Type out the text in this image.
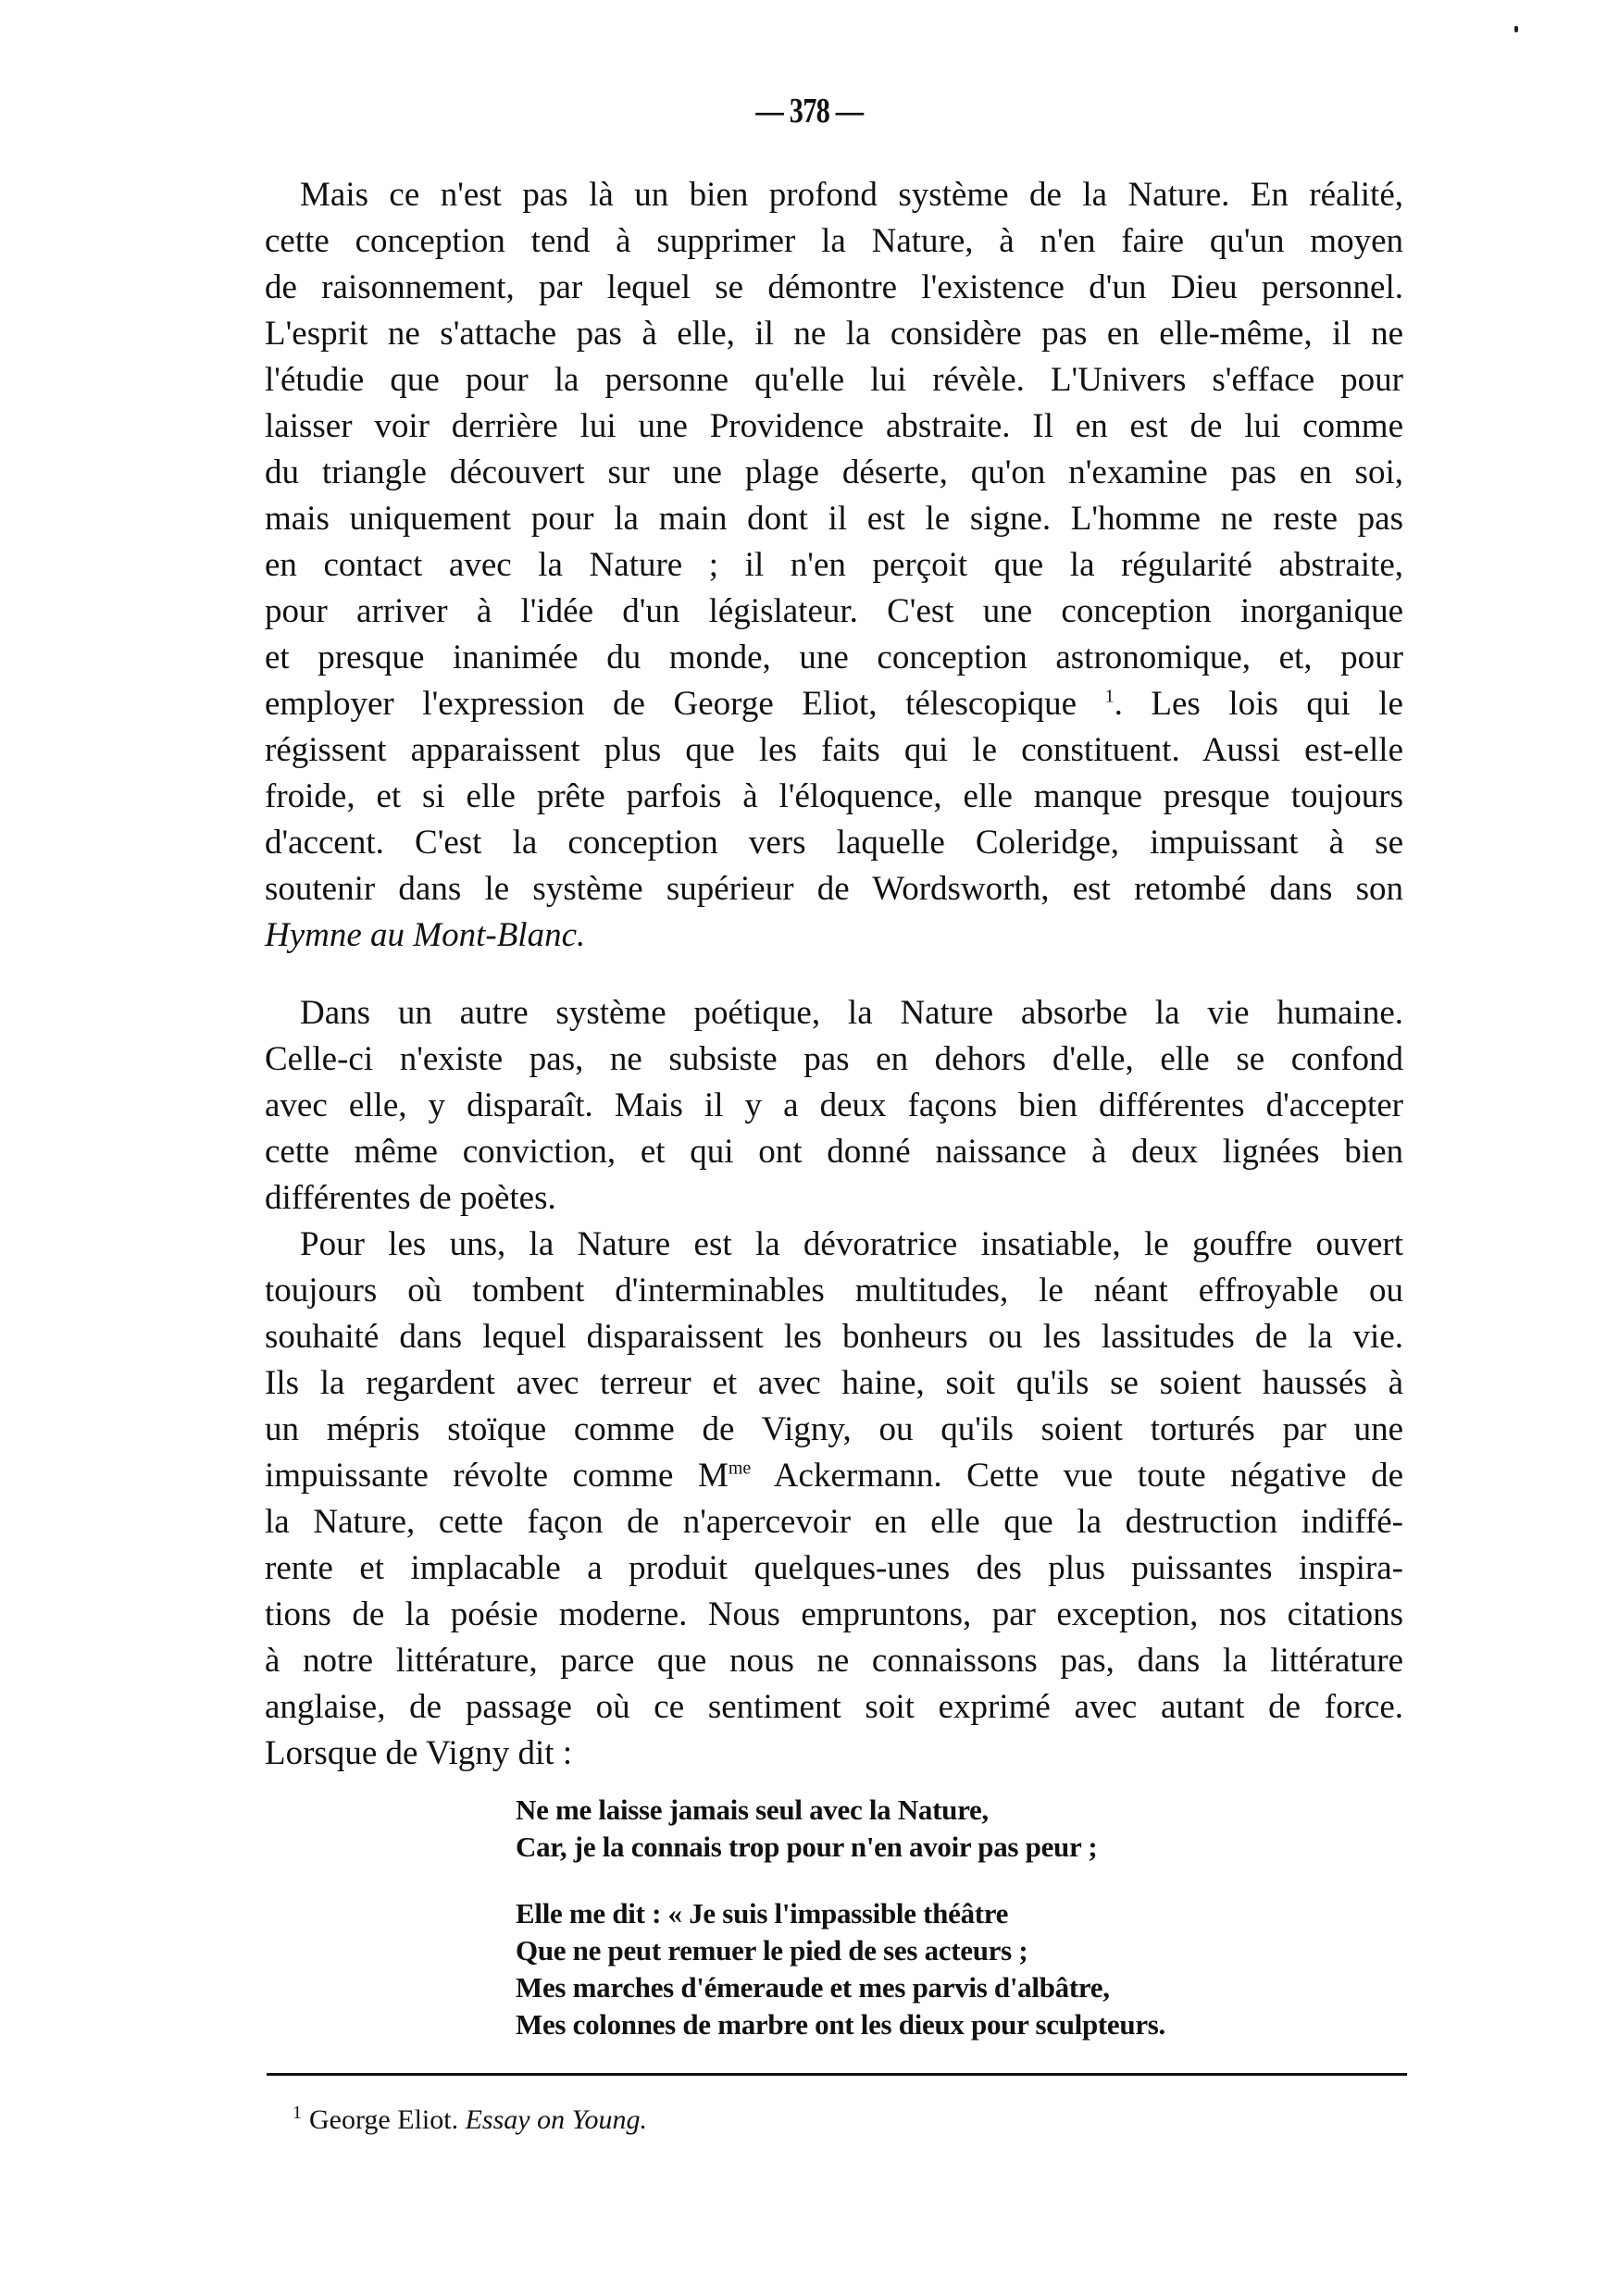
— 378 —
Mais ce n'est pas là un bien profond système de la Nature. En réalité,
cette conception tend à supprimer la Nature, à n'en faire qu'un moyen
de raisonnement, par lequel se démontre l'existence d'un Dieu personnel.
L'esprit ne s'attache pas à elle, il ne la considère pas en elle-même, il ne
l'étudie que pour la personne qu'elle lui révèle. L'Univers s'efface pour
laisser voir derrière lui une Providence abstraite. Il en est de lui comme
du triangle découvert sur une plage déserte, qu'on n'examine pas en soi,
mais uniquement pour la main dont il est le signe. L'homme ne reste pas
en contact avec la Nature ; il n'en perçoit que la régularité abstraite,
pour arriver à l'idée d'un législateur. C'est une conception inorganique
et presque inanimée du monde, une conception astronomique, et, pour
employer l'expression de George Eliot, télescopique $^1$. Les lois qui le
régissent apparaissent plus que les faits qui le constituent. Aussi est-elle
froide, et si elle prête parfois à l'éloquence, elle manque presque toujours
d'accent. C'est la conception vers laquelle Coleridge, impuissant à se
soutenir dans le système supérieur de Wordsworth, est retombé dans son
Hymne au Mont-Blanc.
Dans un autre système poétique, la Nature absorbe la vie humaine.
Celle-ci n'existe pas, ne subsiste pas en dehors d'elle, elle se confond
avec elle, y disparaît. Mais il y a deux façons bien différentes d'accepter
cette même conviction, et qui ont donné naissance à deux lignées bien
différentes de poètes.
Pour les uns, la Nature est la dévoratrice insatiable, le gouffre ouvert
toujours où tombent d'interminables multitudes, le néant effroyable ou
souhaité dans lequel disparaissent les bonheurs ou les lassitudes de la vie.
Ils la regardent avec terreur et avec haine, soit qu'ils se soient haussés à
un mépris stoïque comme de Vigny, ou qu'ils soient torturés par une
impuissante révolte comme $M^{me}$ Ackermann. Cette vue toute négative de
la Nature, cette façon de n'apercevoir en elle que la destruction indiffé-
rente et implacable a produit quelques-unes des plus puissantes inspira-
tions de la poésie moderne. Nous empruntons, par exception, nos citations
à notre littérature, parce que nous ne connaissons pas, dans la littérature
anglaise, de passage où ce sentiment soit exprimé avec autant de force.
Lorsque de Vigny dit :
Ne me laisse jamais seul avec la Nature,
Car, je la connais trop pour n'en avoir pas peur ;
Elle me dit : « Je suis l'impassible théâtre
Que ne peut remuer le pied de ses acteurs ;
Mes marches d'émeraude et mes parvis d'albâtre,
Mes colonnes de marbre ont les dieux pour sculpteurs.
$^1$ George Eliot. Essay on Young.
